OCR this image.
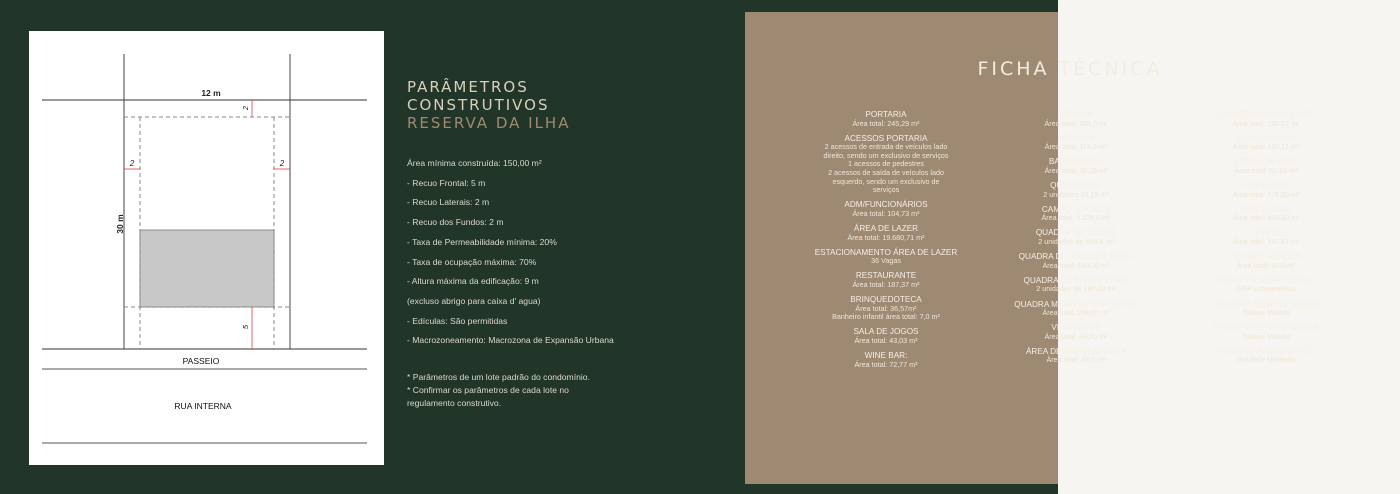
12 m
30 m
2
2	2
5
PASSEIO
RUA INTERNA
PARÂMETROS
CONSTRUTIVOS
RESERVA DA ILHA
Área mínima construída: 150,00 m²
- Recuo Frontal: 5 m
- Recuo Laterais: 2 m
- Recuo dos Fundos: 2 m
- Taxa de Permeabilidade mínima: 20%
- Taxa de ocupação máxima: 70%
- Altura máxima da edificação: 9 m
(excluso abrigo para caixa d' agua)
- Edículas: São permitidas
- Macrozoneamento: Macrozona de Expansão Urbana
* Parâmetros de um lote padrão do condomínio.
* Confirmar os parâmetros de cada lote no
regulamento construtivo.
FICHA TÉCNICA
PORTARIA
Área total: 245,29 m²
ACESSOS PORTARIA
2 acessos de entrada de veículos lado
direito, sendo um exclusivo de serviços
1 acessos de pedestres
2 acessos de saída de veículos lado
esquerdo, sendo um exclusivo de
serviços
ADM/FUNCIONÁRIOS
Área total: 104,73 m²
ÁREA DE LAZER
Área total: 19.680,71 m²
ESTACIONAMENTO ÁREA DE LAZER
36 Vagas
RESTAURANTE
Área total: 187,37 m²
BRINQUEDOTECA
Área total: 36,57m²
Banheiro infantil área total: 7,0 m²
SALA DE JOGOS
Área total: 43,03 m²
WINE BAR:
Área total: 72,77 m²
PISCINA
Área total: 304,0 m²
PRAINHA
Área total: 114,0 m²
BAR PISCINA:
Área total: 36,28 m²
QUIOSQUES:
2 unidades 39,19 m²
CAMPO SOCIETY
Área total: 1.125,0 m²
QUADRA DE TENNIS
2 unidades de 648,0 m²
QUADRA DE VÔLEI DE AREIA
Área total: 180,00 m²
QUADRA DE BEACH TÊNIS
2 unidades de 180,00 m²
QUADRA MEIA POLIESPORTIVA
Área total: 234,00 m²
VESTIÁRIOS
Área total: 63,20 m²
ÁREA DE CONVENIÊNCIA
Área total: 49,0 m²
GINÁSTICA AO AR LIVRE
Área total: 130,52 m²
PLAYGROUND
Área total: 104,11 m²
FONTE DE PISO
Área total: 52,69 m²
PET PLACE
Área total: 175,00 m²
SKATE PARK
Área total: 405,00 m²
HORTA
Área total: 157,67 m²
SECRET GARDEN
Área total: 50,0 m²
PROJETO URBANÍSTICO
GSP Loteamentos
PROJETO ARQUITETÔNICO
Tatiana Matallo
PROJETO DE INTERIORES
Tatiana Matallo
PROJETO PAISAGÍSTICO
Grazielle Marenda
